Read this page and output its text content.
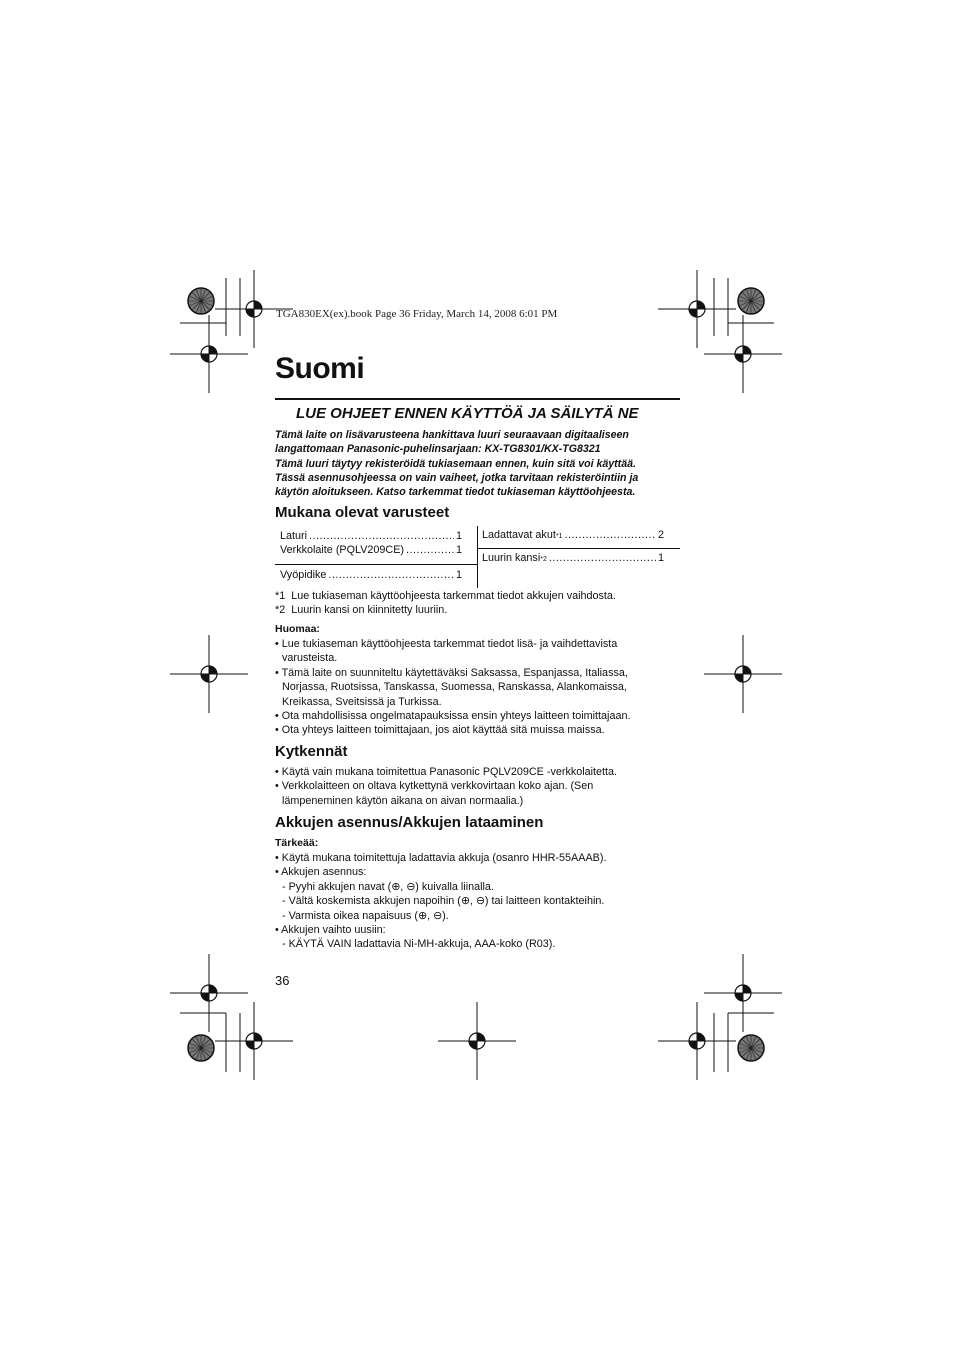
TGA830EX(ex).book Page 36 Friday, March 14, 2008 6:01 PM
Suomi
LUE OHJEET ENNEN KÄYTTÖÄ JA SÄILYTÄ NE
Tämä laite on lisävarusteena hankittava luuri seuraavaan digitaaliseen
langattomaan Panasonic-puhelinsarjaan: KX-TG8301/KX-TG8321
Tämä luuri täytyy rekisteröidä tukiasemaan ennen, kuin sitä voi käyttää.
Tässä asennusohjeessa on vain vaiheet, jotka tarvitaan rekisteröintiin ja
käytön aloitukseen. Katso tarkemmat tiedot tukiaseman käyttöohjeesta.
Mukana olevat varusteet
Laturi .....	1
Verkkolaite (PQLV209CE) .....	1
Vyöpidike .....	1
Ladattavat akut *1 .....	2
Luurin kansi *2 .....	1
*1 Lue tukiaseman käyttöohjeesta tarkemmat tiedot akkujen vaihdosta.
*2 Luurin kansi on kiinnitetty luuriin.
Huomaa:
• Lue tukiaseman käyttöohjeesta tarkemmat tiedot lisä- ja vaihdettavista
varusteista.
• Tämä laite on suunniteltu käytettäväksi Saksassa, Espanjassa, Italiassa,
Norjassa, Ruotsissa, Tanskassa, Suomessa, Ranskassa, Alankomaissa,
Kreikassa, Sveitsissä ja Turkissa.
• Ota mahdollisissa ongelmatapauksissa ensin yhteys laitteen toimittajaan.
• Ota yhteys laitteen toimittajaan, jos aiot käyttää sitä muissa maissa.
Kytkennät
• Käytä vain mukana toimitettua Panasonic PQLV209CE -verkkolaitetta.
• Verkkolaitteen on oltava kytkettynä verkkovirtaan koko ajan. (Sen
lämpeneminen käytön aikana on aivan normaalia.)
Akkujen asennus/Akkujen lataaminen
Tärkeää:
• Käytä mukana toimitettuja ladattavia akkuja (osanro HHR-55AAAB).
• Akkujen asennus:
- Pyyhi akkujen navat (⊕, ⊖) kuivalla liinalla.
- Vältä koskemista akkujen napoihin (⊕, ⊖) tai laitteen kontakteihin.
- Varmista oikea napaisuus (⊕, ⊖).
• Akkujen vaihto uusiin:
- KÄYTÄ VAIN ladattavia Ni-MH-akkuja, AAA-koko (R03).
36
